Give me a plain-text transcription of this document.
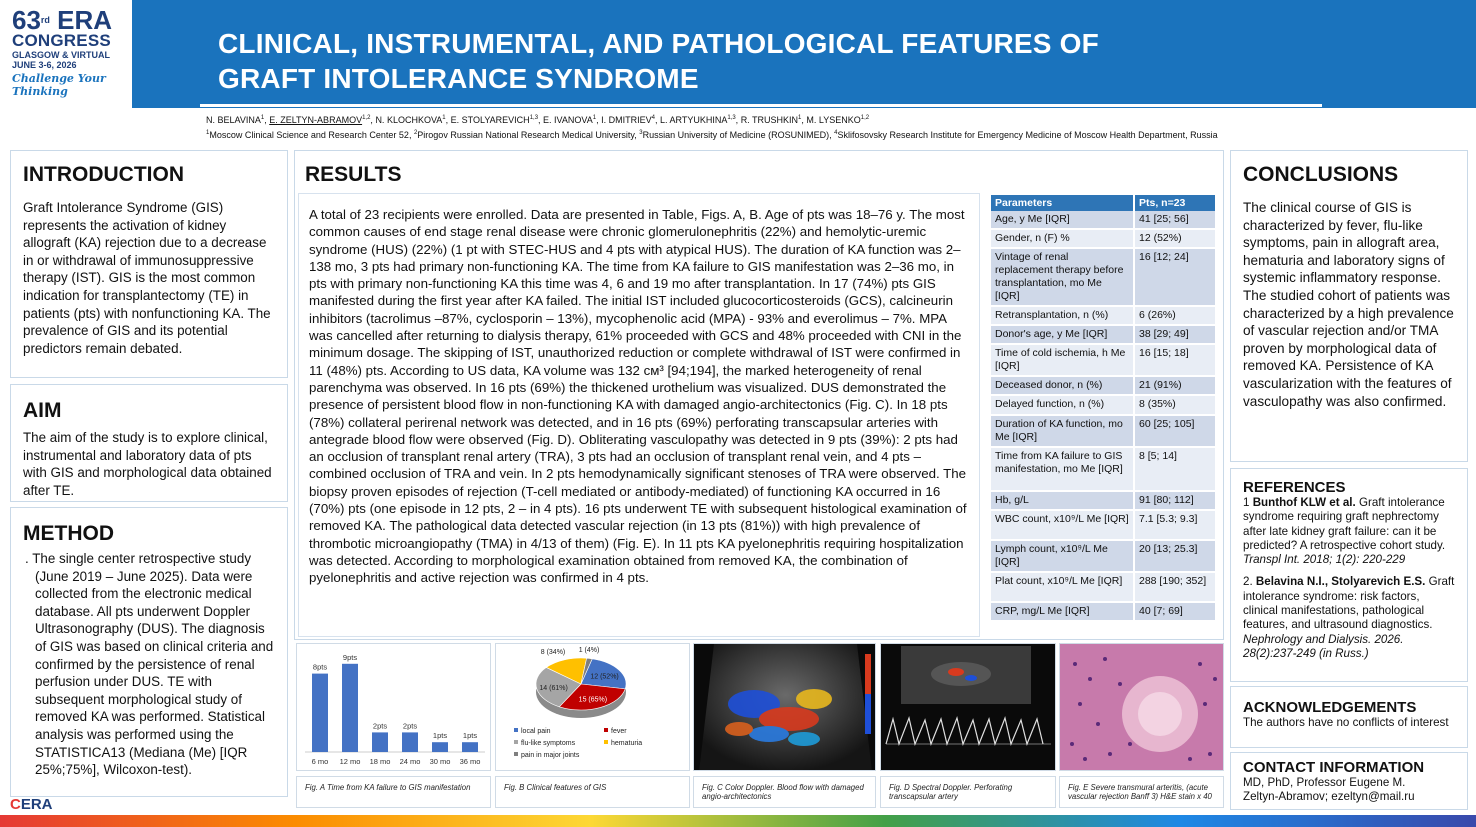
63rd ERA
CONGRESS
GLASGOW & VIRTUAL
JUNE 3-6, 2026
Challenge Your Thinking
CLINICAL, INSTRUMENTAL, AND PATHOLOGICAL FEATURES OF
GRAFT INTOLERANCE SYNDROME
N. BELAVINA$^1$, E. ZELTYN-ABRAMOV$^{1,2}$, N. KLOCHKOVA$^1$, E. STOLYAREVICH$^{1,3}$, E. IVANOVA$^1$, I. DMITRIEV$^4$, L. ARTYUKHINA$^{1,3}$, R. TRUSHKIN$^1$, M. LYSENKO$^{1,2}$
$^1$Moscow Clinical Science and Research Center 52, $^2$Pirogov Russian National Research Medical University, $^3$Russian University of Medicine (ROSUNIMED), $^4$Sklifosovsky Research Institute for Emergency Medicine of Moscow Health Department, Russia
INTRODUCTION
Graft Intolerance Syndrome (GIS) represents the activation of kidney allograft (KA) rejection due to a decrease in or withdrawal of immunosuppressive therapy (IST). GIS is the most common indication for transplantectomy (TE) in patients (pts) with nonfunctioning KA. The prevalence of GIS and its potential predictors remain debated.
AIM
The aim of the study is to explore clinical, instrumental and laboratory data of pts with GIS and morphological data obtained after TE.
METHOD
. The single center retrospective study (June 2019 – June 2025). Data were collected from the electronic medical database. All pts underwent Doppler Ultrasonography (DUS). The diagnosis of GIS was based on clinical criteria and confirmed by the persistence of renal perfusion under DUS. TE with subsequent morphological study of removed KA was performed. Statistical analysis was performed using the STATISTICA13 (Mediana (Me) [IQR 25%;75%], Wilcoxon-test).
RESULTS
A total of 23 recipients were enrolled. Data are presented in Table, Figs. A, B. Age of pts was 18–76 y. The most common causes of end stage renal disease were chronic glomerulonephritis (22%) and hemolytic-uremic syndrome (HUS) (22%) (1 pt with STEC-HUS and 4 pts with atypical HUS). The duration of KA function was 2–138 mo, 3 pts had primary non-functioning KA. The time from KA failure to GIS manifestation was 2–36 mo, in pts with primary non-functioning KA this time was 4, 6 and 19 mo after transplantation. In 17 (74%) pts GIS manifested during the first year after KA failed. The initial IST included glucocorticosteroids (GCS), calcineurin inhibitors (tacrolimus –87%, cyclosporin – 13%), mycophenolic acid (MPA) - 93% and everolimus – 7%. MPA was cancelled after returning to dialysis therapy, 61% proceeded with GCS and 48% proceeded with CNI in the minimum dosage. The skipping of IST, unauthorized reduction or complete withdrawal of IST were confirmed in 11 (48%) pts. According to US data, KA volume was 132 см³ [94;194], the marked heterogeneity of renal parenchyma was observed. In 16 pts (69%) the thickened urothelium was visualized. DUS demonstrated the presence of persistent blood flow in non-functioning KA with damaged angio-architectonics (Fig. C). In 18 pts (78%) collateral perirenal network was detected, and in 16 pts (69%) perforating transcapsular arteries with antegrade blood flow were observed (Fig. D). Obliterating vasculopathy was detected in 9 pts (39%): 2 pts had an occlusion of transplant renal artery (TRA), 3 pts had an occlusion of transplant renal vein, and 4 pts – combined occlusion of TRA and vein. In 2 pts hemodynamically significant stenoses of TRA were observed. The biopsy proven episodes of rejection (T-cell mediated or antibody-mediated) of functioning KA occurred in 16 (70%) pts (one episode in 12 pts, 2 – in 4 pts). 16 pts underwent TE with subsequent histological examination of removed KA. The pathological data detected vascular rejection (in 13 pts (81%)) with high prevalence of thrombotic microangiopathy (TMA) in 4/13 of them) (Fig. E). In 11 pts KA pyelonephritis requiring hospitalization was detected. According to morphological examination obtained from removed KA, the combination of pyelonephritis and active rejection was confirmed in 4 pts.
Parameters	Pts, n=23
Age, y Me [IQR]	41 [25; 56]
Gender, n (F) %	12 (52%)
Vintage of renal replacement therapy before transplantation, mo Me [IQR]	16 [12; 24]
Retransplantation, n (%)	6 (26%)
Donor's age, y Me [IQR]	38 [29; 49]
Time of cold ischemia, h Me [IQR]	16 [15; 18]
Deceased donor, n (%)	21 (91%)
Delayed function, n (%)	8 (35%)
Duration of KA function, mo Me [IQR]	60 [25; 105]
Time from KA failure to GIS manifestation, mo Me [IQR]	8 [5; 14]
Hb, g/L	91 [80; 112]
WBC count, x10⁹/L Me [IQR]	7.1 [5.3; 9.3]
Lymph count, x10⁹/L Me [IQR]	20 [13; 25.3]
Plat count, x10⁹/L Me [IQR]	288 [190; 352]
CRP, mg/L Me [IQR]	40 [7; 69]
8pts
6 mo
9pts
12 mo
2pts
18 mo
2pts
24 mo
1pts
30 mo
1pts
36 mo
12 (52%)
15 (65%)
14 (61%)
8 (34%) 1 (4%)
local pain	fever
flu-like symptoms	hematuria
pain in major joints
Fig. A Time from KA failure to GIS manifestation	Fig. B Clinical features of GIS	Fig. C Color Doppler. Blood flow with damaged angio-architectonics
Fig. D Spectral Doppler. Perforating transcapsular artery
Fig. E Severe transmural arteritis, (acute vascular rejection Banff 3) H&E stain x 40
CONCLUSIONS
The clinical course of GIS is characterized by fever, flu-like symptoms, pain in allograft area, hematuria and laboratory signs of systemic inflammatory response. The studied cohort of patients was characterized by a high prevalence of vascular rejection and/or TMA proven by morphological data of removed KA. Persistence of KA vascularization with the features of vasculopathy was also confirmed.
REFERENCES
1 Bunthof KLW et al. Graft intolerance syndrome requiring graft nephrectomy after late kidney graft failure: can it be predicted? A retrospective cohort study. Transpl Int. 2018; 1(2): 220-229
2. Belavina N.I., Stolyarevich E.S. Graft intolerance syndrome: risk factors, clinical manifestations, pathological features, and ultrasound diagnostics. Nephrology and Dialysis. 2026. 28(2):237-249 (in Russ.)
ACKNOWLEDGEMENTS
The authors have no conflicts of interest
CONTACT INFORMATION
MD, PhD, Professor Eugene M.
Zeltyn-Abramov; ezeltyn@mail.ru
CERA
